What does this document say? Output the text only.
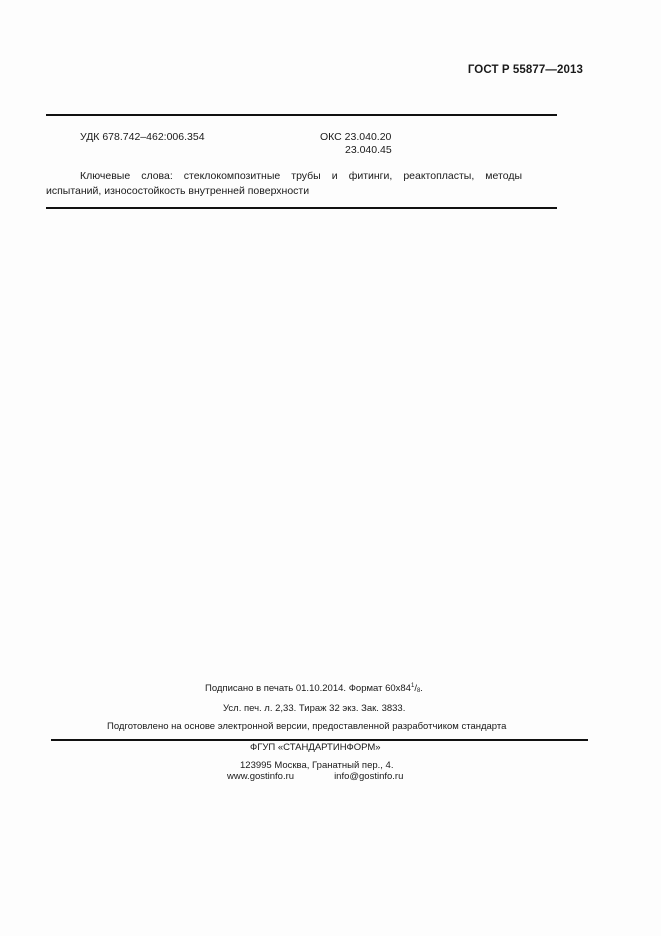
ГОСТ Р 55877—2013
УДК 678.742–462:006.354	ОКС 23.040.20
23.040.45
Ключевые слова: стеклокомпозитные трубы и фитинги, реактопласты, методы
испытаний, износостойкость внутренней поверхности
Подписано в печать 01.10.2014. Формат $60x84^1/8$.
Усл. печ. л. 2,33. Тираж 32 экз. Зак. 3833.
Подготовлено на основе электронной версии, предоставленной разработчиком стандарта
ФГУП «СТАНДАРТИНФОРМ»
123995 Москва, Гранатный пер., 4.
www.gostinfo.ru	info@gostinfo.ru
